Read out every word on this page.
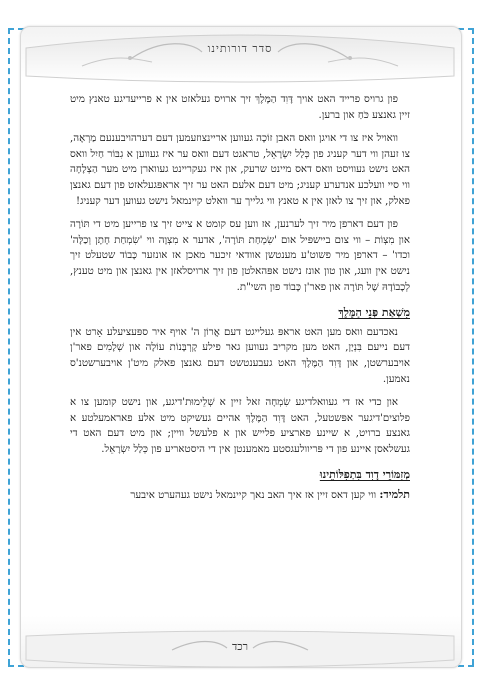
סדר דורותינו

פון גרויס פרייד האט אויך דָּוִד הַמֶּלֶךְ זיך ארויס געלאזט אין א פרייעדיגע טאנץ מיט זיין גאנצע כֹּחַ און ברען.

וואויל איז צו די אויגן וואס האבן זוֹכֶה געווען אריינצוזעמען דעם דערהויבענעם מַרְאֶה, צו זעהן ווי דער קעניג פון כְּלַל יִשְׂרָאֵל, טראגט דעם וואס ער איז געווען א גִבּוֹר חַיִל וואס האט נישט געוויסט וואס דאס מיינט שרעק, און איז געקריינט געווארן מיט מער הַצְלָחָה ווי סיי וועלכע אנדערע קעניג; מיט דעם אלעם האט ער זיך אראפּגעלאזט פון דעם גאנצן פאלק, און זיך צו לאזן אין א טאנץ ווי גלייך ער וואלט קיינמאל נישט געווען דער קעניג!

פון דעם דארפן מיר זיך לערנען, אז ווען עס קומט א צייט זיך צו פרייען מיט די תּוֹרָה און מִצְוֹת – ווי צום ביישפּיל אום 'שִׂמְחַת תּוֹרָה', אדער א מִצְוָה ווי 'שִׂמְחַת חָתָן וְכַלָּה' וכדו' – דארפן מיר פשוט'ע מענטשן אוודאי זיכער מאכן אז אונזער כָּבוֹד שטעלט זיך נישט אין וועג, און טון אונז נישט אפּהאלטן פון זיך ארויסלאזן אין גאנצן און מיט טענץ, לְכָבוֹדָהּ שֶׁל תּוֹרָה און פאר'ן כָּבוֹד פון השי"ת.

מִשְׁאַת פְּנֵי הַמֶּלֶךְ

נאכדעם וואס מען האט אראפּ געלייגט דעם אֲרוֹן ה' אויף איר ספּעציעלע אָרט אין דעם נייעם בִּנְיָן, האט מען מקריב געווען גאר פילע קָרְבָּנוֹת עוֹלָה און שְׁלָמִים פאר'ן אויבערשטן, און דָּוִד הַמֶּלֶךְ האט געבענטשט דעם גאנצן פאלק מיט'ן אויבערשטנ'ס נאמען.

און כדי אז די געוואלדיגע שִׂמְחָה זאל זיין א שְׁלֵימוּת'דיגע, און נישט קומען צו א פלוצים'דיגער אפּשטעל, האט דָּוִד הַמֶּלֶךְ אהיים געשיקט מיט אלע פאראמעלטע א גאנצע ברויט, א שיינע פארציע פלייש און א פלעשל וויין; און מיט דעם האט די געשלאסן איינע פון די פּריוולעגסטע מאמענטן אין די היסטאריע פון כְּלַל יִשְׂרָאֵל.

מְזִמּוֹרֵי דָוִד בִּתְפִלּוֹתֵינוּ

תלמיד: ווי קען דאס זיין אז איך האב נאך קיינמאל נישט געהערט איבער

רכד
